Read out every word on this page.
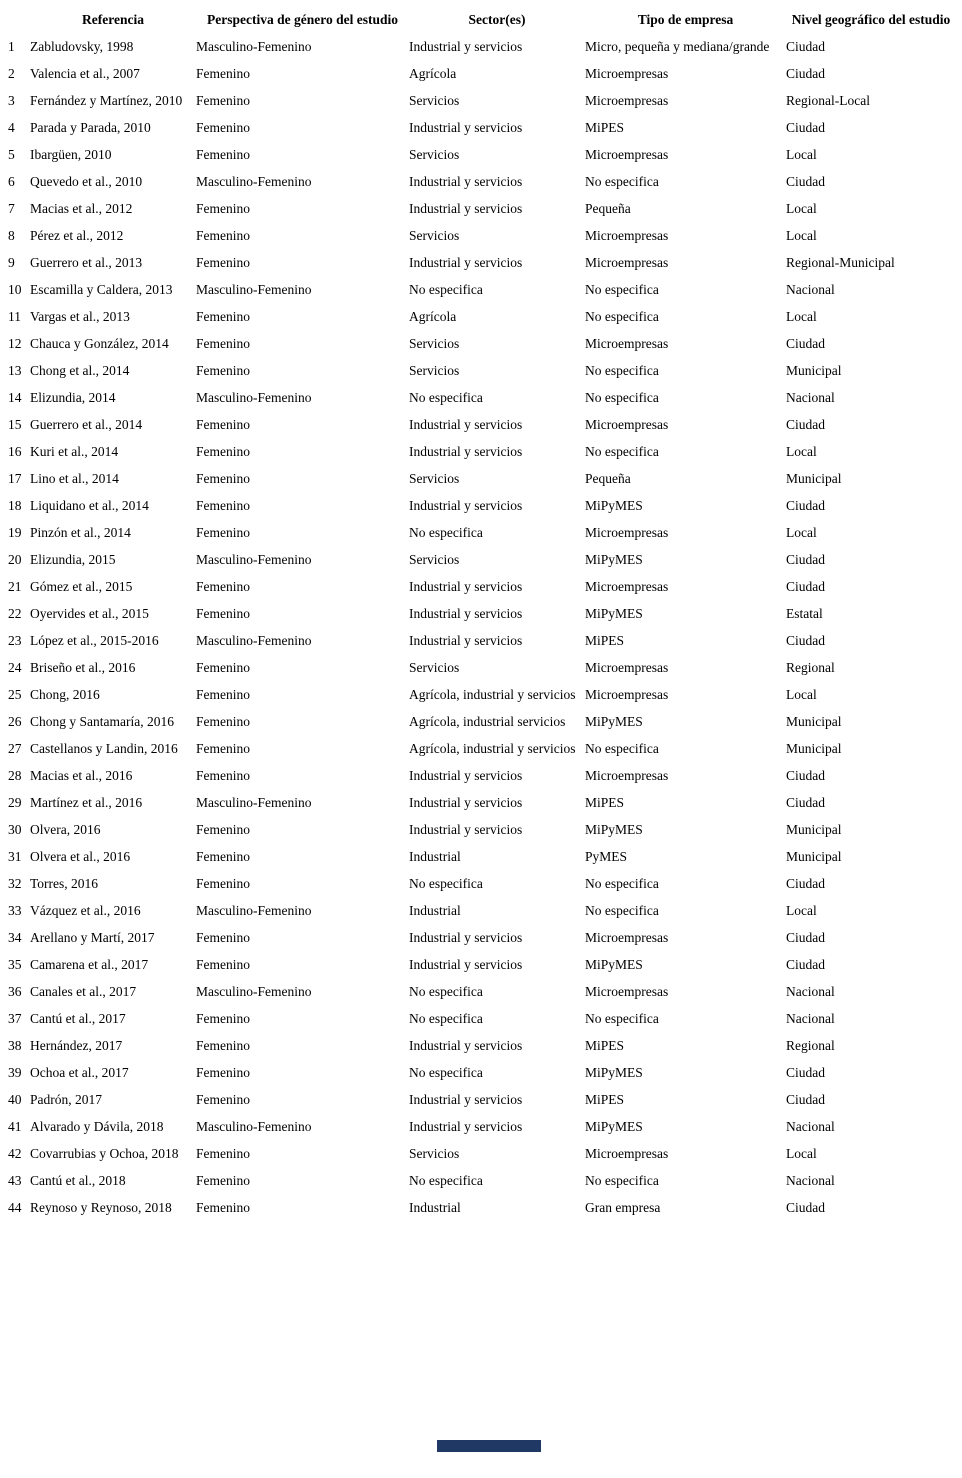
	Referencia	Perspectiva de género del estudio	Sector(es)	Tipo de empresa	Nivel geográfico del estudio
1	Zabludovsky, 1998	Masculino-Femenino	Industrial y servicios	Micro, pequeña y mediana/grande	Ciudad
2	Valencia et al., 2007	Femenino	Agrícola	Microempresas	Ciudad
3	Fernández y Martínez, 2010	Femenino	Servicios	Microempresas	Regional-Local
4	Parada y Parada, 2010	Femenino	Industrial y servicios	MiPES	Ciudad
5	Ibargüen, 2010	Femenino	Servicios	Microempresas	Local
6	Quevedo et al., 2010	Masculino-Femenino	Industrial y servicios	No especifica	Ciudad
7	Macias et al., 2012	Femenino	Industrial y servicios	Pequeña	Local
8	Pérez et al., 2012	Femenino	Servicios	Microempresas	Local
9	Guerrero et al., 2013	Femenino	Industrial y servicios	Microempresas	Regional-Municipal
10	Escamilla y Caldera, 2013	Masculino-Femenino	No especifica	No especifica	Nacional
11	Vargas et al., 2013	Femenino	Agrícola	No especifica	Local
12	Chauca y González, 2014	Femenino	Servicios	Microempresas	Ciudad
13	Chong et al., 2014	Femenino	Servicios	No especifica	Municipal
14	Elizundia, 2014	Masculino-Femenino	No especifica	No especifica	Nacional
15	Guerrero et al., 2014	Femenino	Industrial y servicios	Microempresas	Ciudad
16	Kuri et al., 2014	Femenino	Industrial y servicios	No especifica	Local
17	Lino et al., 2014	Femenino	Servicios	Pequeña	Municipal
18	Liquidano et al., 2014	Femenino	Industrial y servicios	MiPyMES	Ciudad
19	Pinzón et al., 2014	Femenino	No especifica	Microempresas	Local
20	Elizundia, 2015	Masculino-Femenino	Servicios	MiPyMES	Ciudad
21	Gómez et al., 2015	Femenino	Industrial y servicios	Microempresas	Ciudad
22	Oyervides et al., 2015	Femenino	Industrial y servicios	MiPyMES	Estatal
23	López et al., 2015-2016	Masculino-Femenino	Industrial y servicios	MiPES	Ciudad
24	Briseño et al., 2016	Femenino	Servicios	Microempresas	Regional
25	Chong, 2016	Femenino	Agrícola, industrial y servicios	Microempresas	Local
26	Chong y Santamaría, 2016	Femenino	Agrícola, industrial servicios	MiPyMES	Municipal
27	Castellanos y Landin, 2016	Femenino	Agrícola, industrial y servicios	No especifica	Municipal
28	Macias et al., 2016	Femenino	Industrial y servicios	Microempresas	Ciudad
29	Martínez et al., 2016	Masculino-Femenino	Industrial y servicios	MiPES	Ciudad
30	Olvera, 2016	Femenino	Industrial y servicios	MiPyMES	Municipal
31	Olvera et al., 2016	Femenino	Industrial	PyMES	Municipal
32	Torres, 2016	Femenino	No especifica	No especifica	Ciudad
33	Vázquez et al., 2016	Masculino-Femenino	Industrial	No especifica	Local
34	Arellano y Martí, 2017	Femenino	Industrial y servicios	Microempresas	Ciudad
35	Camarena et al., 2017	Femenino	Industrial y servicios	MiPyMES	Ciudad
36	Canales et al., 2017	Masculino-Femenino	No especifica	Microempresas	Nacional
37	Cantú et al., 2017	Femenino	No especifica	No especifica	Nacional
38	Hernández, 2017	Femenino	Industrial y servicios	MiPES	Regional
39	Ochoa et al., 2017	Femenino	No especifica	MiPyMES	Ciudad
40	Padrón, 2017	Femenino	Industrial y servicios	MiPES	Ciudad
41	Alvarado y Dávila, 2018	Masculino-Femenino	Industrial y servicios	MiPyMES	Nacional
42	Covarrubias y Ochoa, 2018	Femenino	Servicios	Microempresas	Local
43	Cantú et al., 2018	Femenino	No especifica	No especifica	Nacional
44	Reynoso y Reynoso, 2018	Femenino	Industrial	Gran empresa	Ciudad
